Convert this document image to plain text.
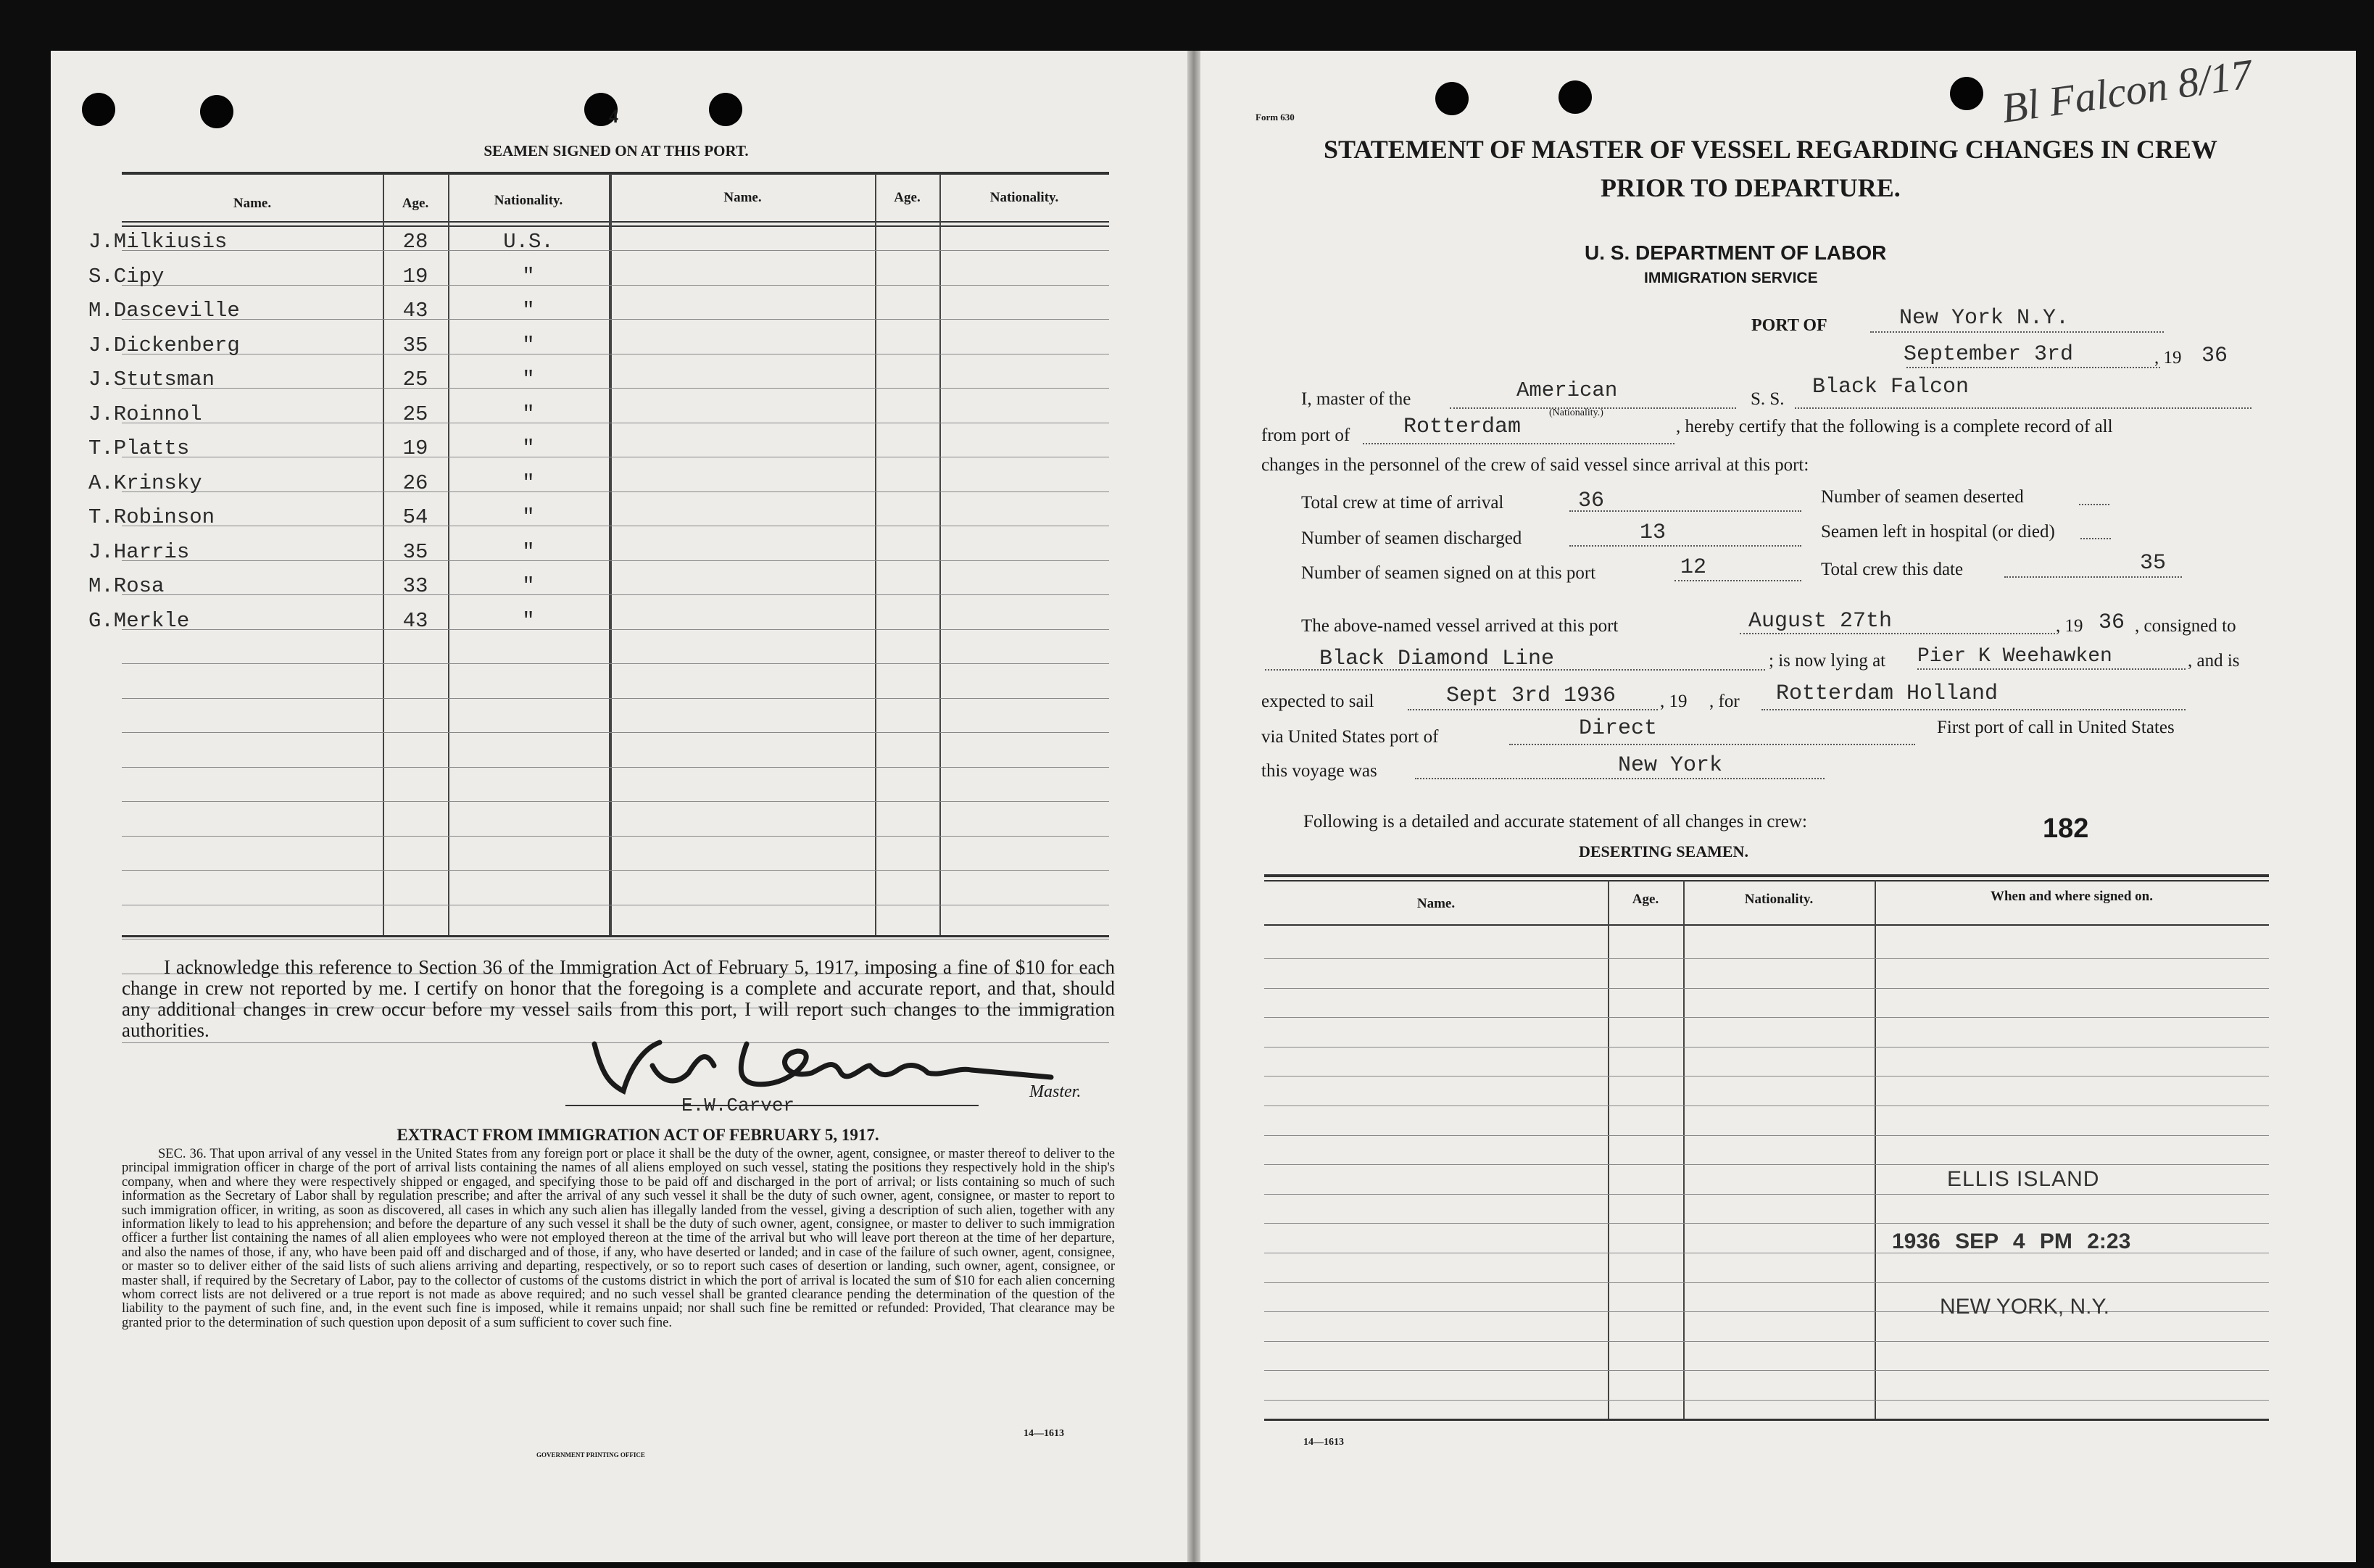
4
SEAMEN SIGNED ON AT THIS PORT.
Name.	Age.	Nationality.	Name.	Age.	Nationality.
J.Milkiusis	28	U.S.
S.Cipy	19	"
M.Dasceville	43	"
J.Dickenberg	35	"
J.Stutsman	25	"
J.Roinnol	25	"
T.Platts	19	"
A.Krinsky	26	"
T.Robinson	54	"
J.Harris	35	"
M.Rosa	33	"
G.Merkle	43	"
I acknowledge this reference to Section 36 of the Immigration Act of February 5, 1917, imposing a fine of $10 for each change in crew not reported by me. I certify on honor that the foregoing is a complete and accurate report, and that, should any additional changes in crew occur before my vessel sails from this port, I will report such changes to the immigration authorities.
Master.
E.W.Carver
EXTRACT FROM IMMIGRATION ACT OF FEBRUARY 5, 1917.
SEC. 36. That upon arrival of any vessel in the United States from any foreign port or place it shall be the duty of the owner, agent, consignee, or master thereof to deliver to the principal immigration officer in charge of the port of arrival lists containing the names of all aliens employed on such vessel, stating the positions they respectively hold in the ship's company, when and where they were respectively shipped or engaged, and specifying those to be paid off and discharged in the port of arrival; or lists containing so much of such information as the Secretary of Labor shall by regulation prescribe; and after the arrival of any such vessel it shall be the duty of such owner, agent, consignee, or master to report to such immigration officer, in writing, as soon as discovered, all cases in which any such alien has illegally landed from the vessel, giving a description of such alien, together with any information likely to lead to his apprehension; and before the departure of any such vessel it shall be the duty of such owner, agent, consignee, or master to deliver to such immigration officer a further list containing the names of all alien employees who were not employed thereon at the time of the arrival but who will leave port thereon at the time of her departure, and also the names of those, if any, who have been paid off and discharged and of those, if any, who have deserted or landed; and in case of the failure of such owner, agent, consignee, or master so to deliver either of the said lists of such aliens arriving and departing, respectively, or so to report such cases of desertion or landing, such owner, agent, consignee, or master shall, if required by the Secretary of Labor, pay to the collector of customs of the customs district in which the port of arrival is located the sum of $10 for each alien concerning whom correct lists are not delivered or a true report is not made as above required; and no such vessel shall be granted clearance pending the determination of the question of the liability to the payment of such fine, and, in the event such fine is imposed, while it remains unpaid; nor shall such fine be remitted or refunded: Provided, That clearance may be granted prior to the determination of such question upon deposit of a sum sufficient to cover such fine.
GOVERNMENT PRINTING OFFICE
14—1613
Form 630	Bl Falcon 8/17
STATEMENT OF MASTER OF VESSEL REGARDING CHANGES IN CREW
PRIOR TO DEPARTURE.
U. S. DEPARTMENT OF LABOR
IMMIGRATION SERVICE
PORT OF	New York N.Y.
September 3rd	, 19 36
I, master of the	American
(Nationality.)
S. S. Black Falcon
from port of Rotterdam	, hereby certify that the following is a complete record of all
changes in the personnel of the crew of said vessel since arrival at this port:
Total crew at time of arrival	36	Number of seamen deserted
Number of seamen discharged	13	Seamen left in hospital (or died)
Number of seamen signed on at this port	12	Total crew this date	35
The above-named vessel arrived at this port	August 27th	, 19 36 , consigned to
Black Diamond Line	; is now lying at Pier K Weehawken	, and is
expected to sail	Sept 3rd 1936 , 19 , for Rotterdam Holland
via United States port of	Direct	First port of call in United States
this voyage was	New York
Following is a detailed and accurate statement of all changes in crew:	182
DESERTING SEAMEN.
Name.	Age.	Nationality.	When and where signed on.
ELLIS ISLAND
1936 SEP 4 PM 2:23
NEW YORK, N.Y.
14—1613
